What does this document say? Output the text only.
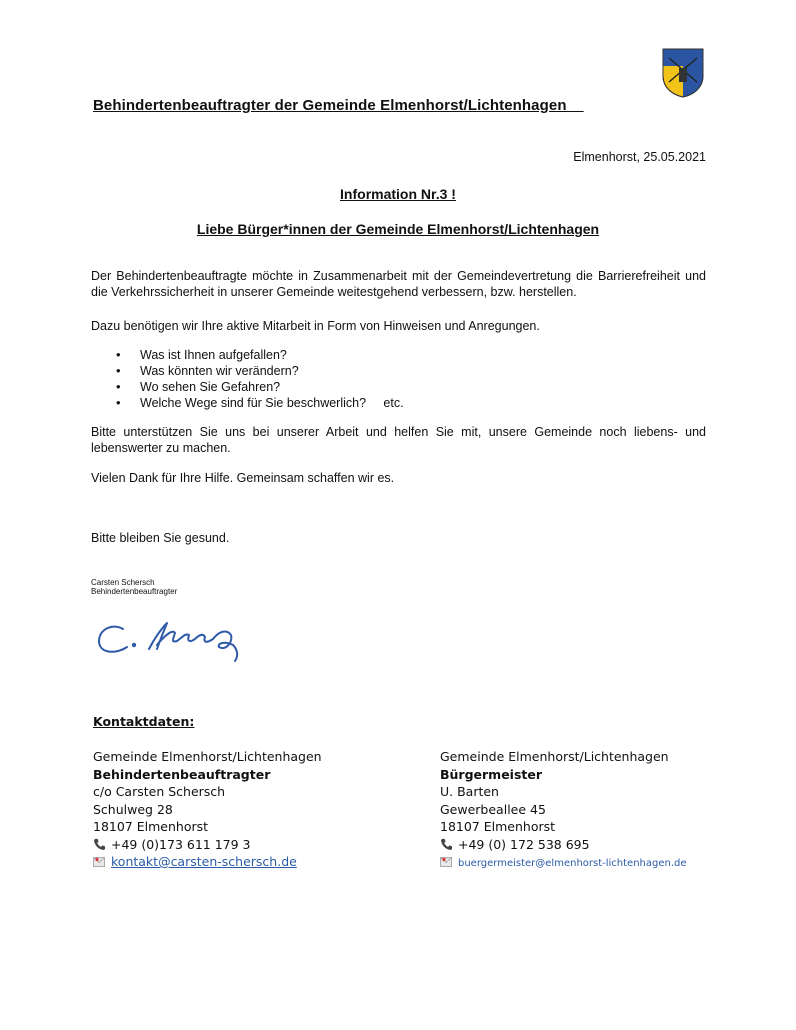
Behindertenbeauftragter der Gemeinde Elmenhorst/Lichtenhagen
Elmenhorst, 25.05.2021
Information Nr.3 !
Liebe Bürger*innen der Gemeinde Elmenhorst/Lichtenhagen
Der Behindertenbeauftragte möchte in Zusammenarbeit mit der Gemeindevertretung die Barrierefreiheit und die Verkehrssicherheit in unserer Gemeinde weitestgehend verbessern, bzw. herstellen.
Dazu benötigen wir Ihre aktive Mitarbeit in Form von Hinweisen und Anregungen.
• Was ist Ihnen aufgefallen?
• Was könnten wir verändern?
• Wo sehen Sie Gefahren?
• Welche Wege sind für Sie beschwerlich?     etc.
Bitte unterstützen Sie uns bei unserer Arbeit und helfen Sie mit, unsere Gemeinde noch liebens- und lebenswerter zu machen.
Vielen Dank für Ihre Hilfe. Gemeinsam schaffen wir es.
Bitte bleiben Sie gesund.
Carsten Schersch
Behindertenbeauftragter
Kontaktdaten:
Gemeinde Elmenhorst/Lichtenhagen
Behindertenbeauftragter
c/o Carsten Schersch
Schulweg 28
18107 Elmenhorst
+49 (0)173 611 179 3
kontakt@carsten-schersch.de
Gemeinde Elmenhorst/Lichtenhagen
Bürgermeister
U. Barten
Gewerbeallee 45
18107 Elmenhorst
+49 (0) 172 538 695
buergermeister@elmenhorst-lichtenhagen.de
